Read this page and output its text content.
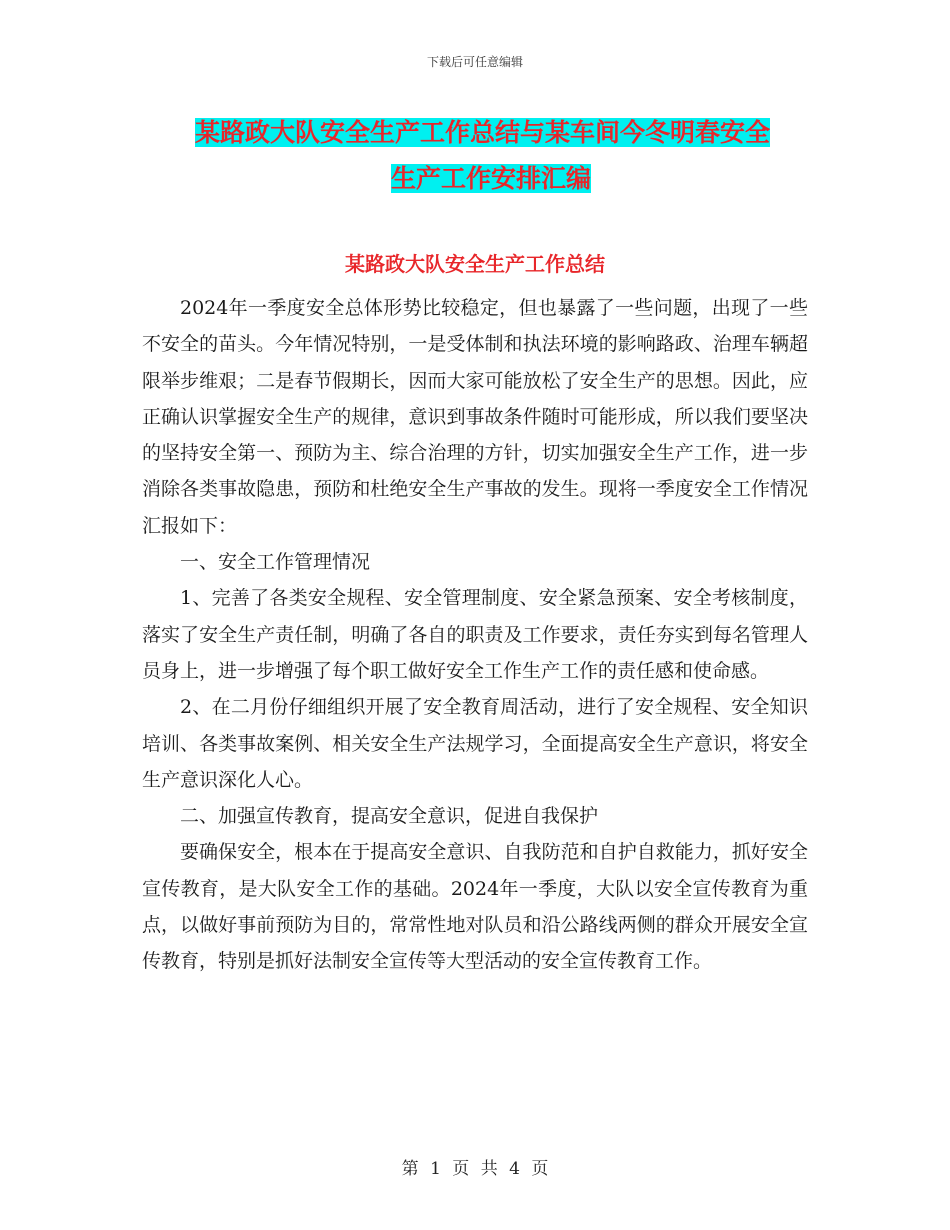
下载后可任意编辑
某路政大队安全生产工作总结与某车间今冬明春安全
生产工作安排汇编
某路政大队安全生产工作总结

2024年一季度安全总体形势比较稳定，但也暴露了一些问题，出现了一些不安全的苗头。今年情况特别，一是受体制和执法环境的影响路政、治理车辆超限举步维艰；二是春节假期长，因而大家可能放松了安全生产的思想。因此，应正确认识掌握安全生产的规律，意识到事故条件随时可能形成，所以我们要坚决的坚持安全第一、预防为主、综合治理的方针，切实加强安全生产工作，进一步消除各类事故隐患，预防和杜绝安全生产事故的发生。现将一季度安全工作情况汇报如下：

一、安全工作管理情况

1、完善了各类安全规程、安全管理制度、安全紧急预案、安全考核制度，落实了安全生产责任制，明确了各自的职责及工作要求，责任夯实到每名管理人员身上，进一步增强了每个职工做好安全工作生产工作的责任感和使命感。

2、在二月份仔细组织开展了安全教育周活动，进行了安全规程、安全知识培训、各类事故案例、相关安全生产法规学习，全面提高安全生产意识，将安全生产意识深化人心。

二、加强宣传教育，提高安全意识，促进自我保护

要确保安全，根本在于提高安全意识、自我防范和自护自救能力，抓好安全宣传教育，是大队安全工作的基础。2024年一季度，大队以安全宣传教育为重点，以做好事前预防为目的，常常性地对队员和沿公路线两侧的群众开展安全宣传教育，特别是抓好法制安全宣传等大型活动的安全宣传教育工作。

第 1 页 共 4 页
